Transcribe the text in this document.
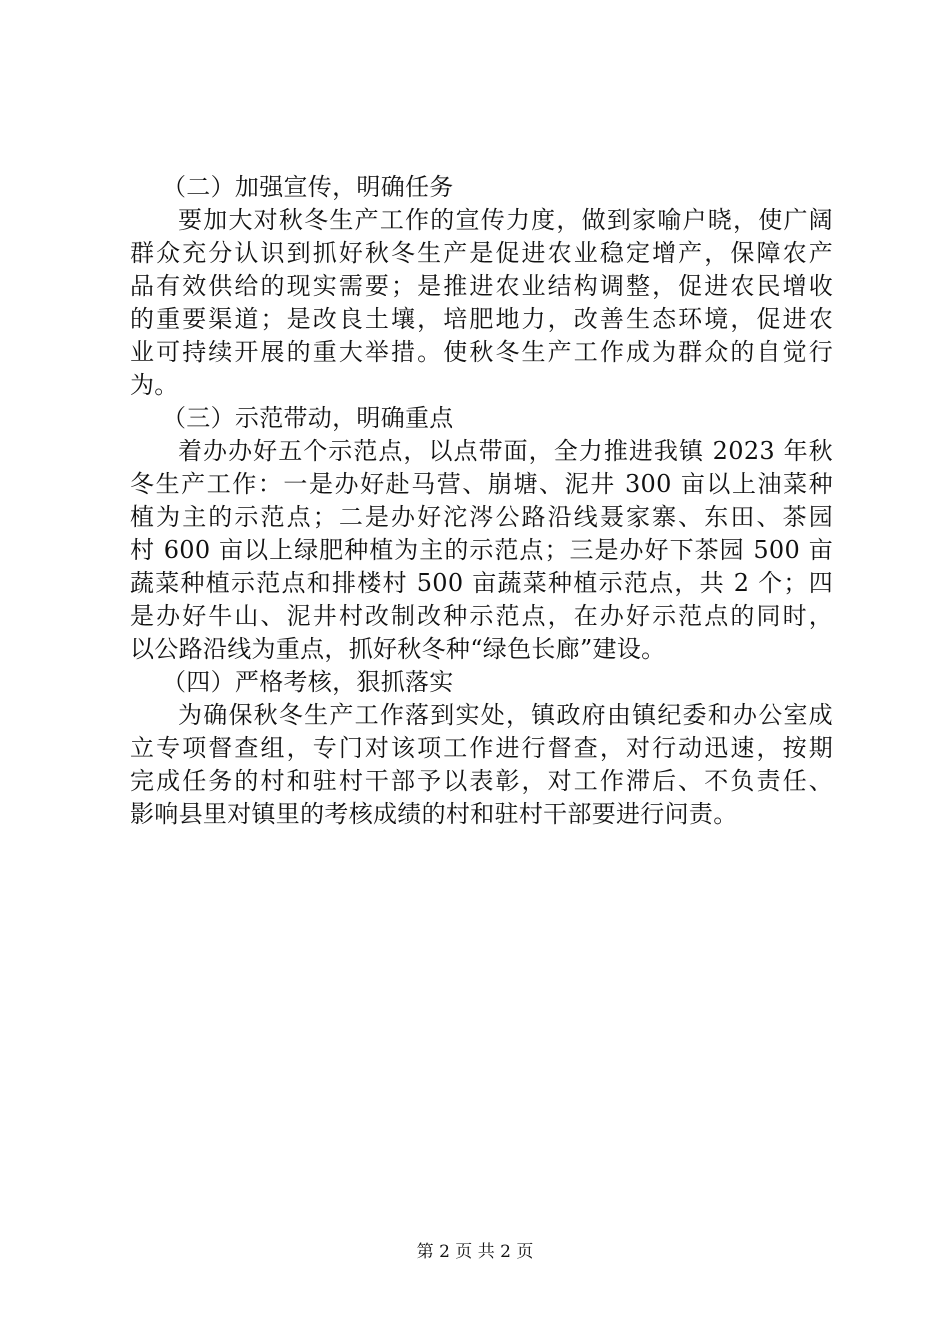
（二）加强宣传，明确任务
要加大对秋冬生产工作的宣传力度，做到家喻户晓，使广阔
群众充分认识到抓好秋冬生产是促进农业稳定增产，保障农产
品有效供给的现实需要；是推进农业结构调整，促进农民增收
的重要渠道；是改良土壤，培肥地力，改善生态环境，促进农
业可持续开展的重大举措。使秋冬生产工作成为群众的自觉行
为。
（三）示范带动，明确重点
着办办好五个示范点，以点带面，全力推进我镇 2023 年秋
冬生产工作：一是办好赴马营、崩塘、泥井 300 亩以上油菜种
植为主的示范点；二是办好沱涔公路沿线聂家寨、东田、茶园
村 600 亩以上绿肥种植为主的示范点；三是办好下茶园 500 亩
蔬菜种植示范点和排楼村 500 亩蔬菜种植示范点，共 2 个；四
是办好牛山、泥井村改制改种示范点，在办好示范点的同时，
以公路沿线为重点，抓好秋冬种“绿色长廊”建设。
（四）严格考核，狠抓落实
为确保秋冬生产工作落到实处，镇政府由镇纪委和办公室成
立专项督查组，专门对该项工作进行督查，对行动迅速，按期
完成任务的村和驻村干部予以表彰，对工作滞后、不负责任、
影响县里对镇里的考核成绩的村和驻村干部要进行问责。
第 2 页 共 2 页
